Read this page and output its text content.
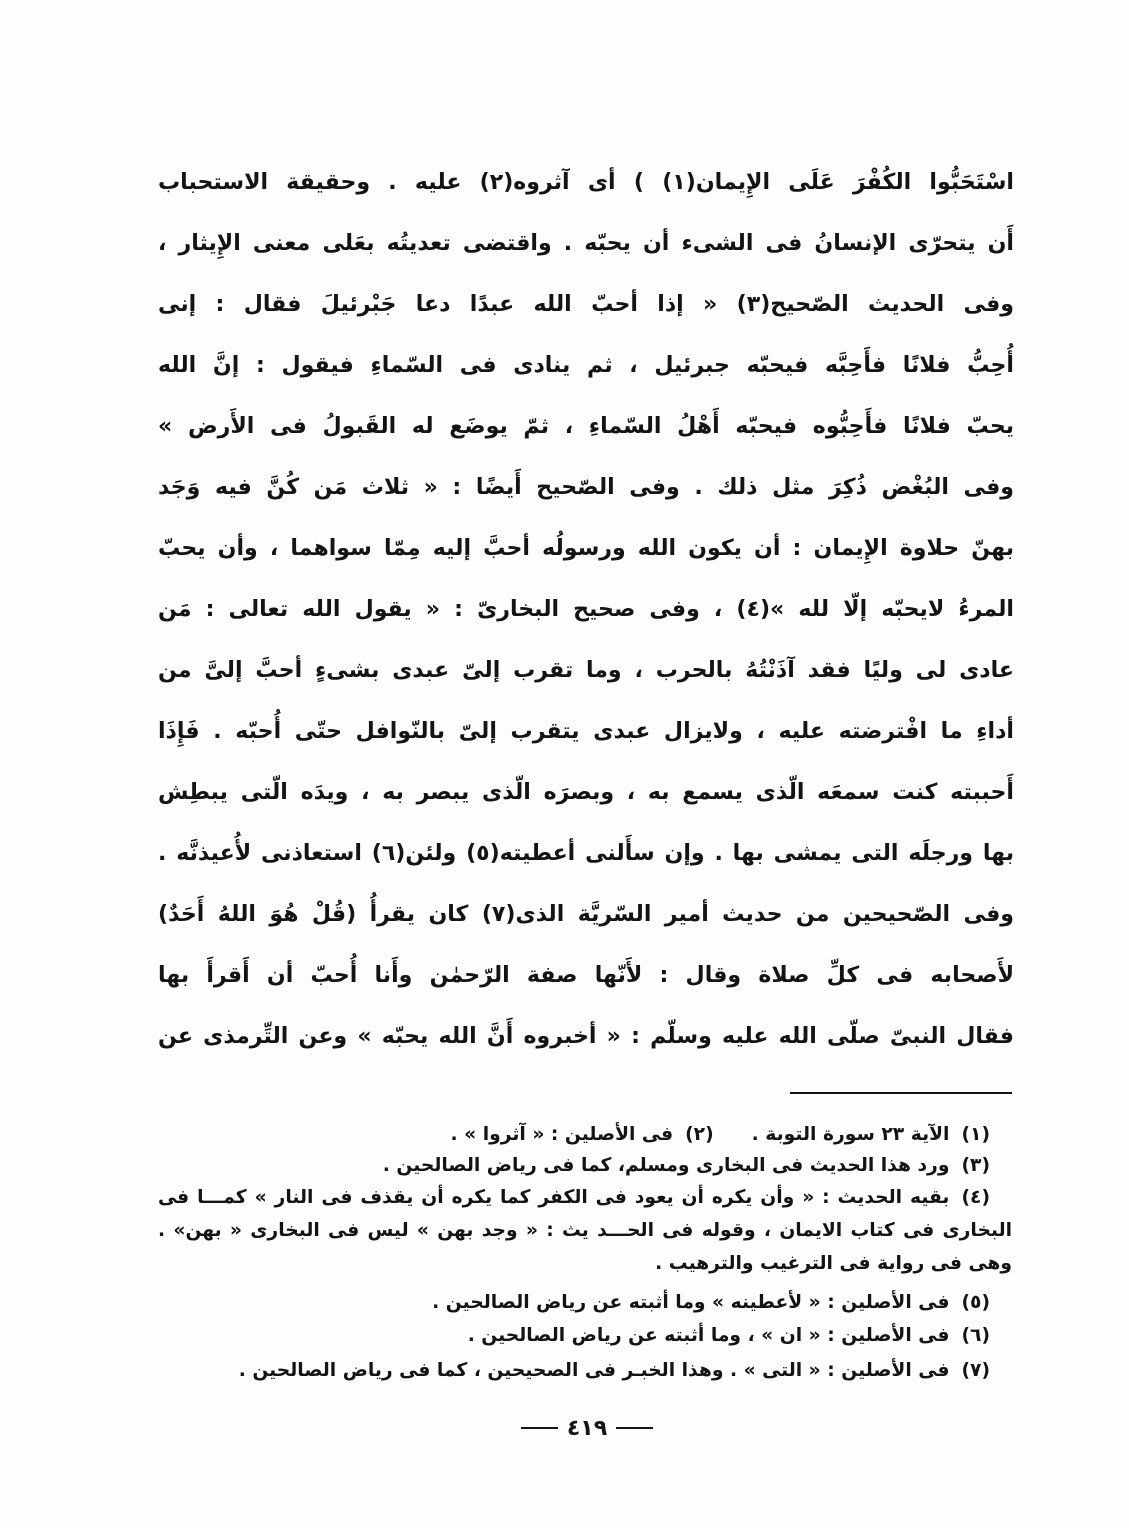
اسْتَحَبُّوا الكُفْرَ عَلَى الإِيمان(١) ) أى آثروه(٢) عليه . وحقيقة الاستحباب
أَن يتحرّى الإنسانُ فى الشىء أن يحبّه . واقتضى تعديتُه بعَلى معنى الإِيثار ،
وفى الحديث الصّحيح(٣) « إذا أحبّ الله عبدًا دعا جَبْرئيلَ فقال : إنى
أُحِبُّ فلانًا فأَحِبَّه فيحبّه جبرئيل ، ثم ينادى فى السّماءِ فيقول : إنَّ الله
يحبّ فلانًا فأَحِبُّوه فيحبّه أَهْلُ السّماءِ ، ثمّ يوضَع له القَبولُ فى الأَرض »
وفى البُغْض ذُكِرَ مثل ذلك . وفى الصّحيح أَيضًا : « ثلاث مَن كُنَّ فيه وَجَد
بهنّ حلاوة الإِيمان : أن يكون الله ورسولُه أحبَّ إليه مِمّا سواهما ، وأن يحبّ
المرءُ لايحبّه إلّا لله »(٤) ، وفى صحيح البخارىّ : « يقول الله تعالى : مَن
عادى لى وليًا فقد آذَنْتُهُ بالحرب ، وما تقرب إلىّ عبدى بشىءٍ أحبَّ إلىَّ من
أداءِ ما افْترضته عليه ، ولايزال عبدى يتقرب إلىّ بالنّوافل حتّى أُحبّه . فَإِذَا
أَحببته كنت سمعَه الّذى يسمع به ، وبصرَه الّذى يبصر به ، ويدَه الّتى يبطِش
بها ورجلَه التى يمشى بها . وإن سأَلنى أعطيته(٥) ولئن(٦) استعاذنى لأُعيذنَّه .
وفى الصّحيحين من حديث أمير السّريَّة الذى(٧) كان يقرأُ (قُلْ هُوَ اللهُ أَحَدٌ)
لأَصحابه فى كلِّ صلاة وقال : لأَنّها صفة الرّحمٰن وأَنا أُحبّ أن أَقرأَ بها
فقال النبىّ صلّى الله عليه وسلّم : « أخبروه أَنَّ الله يحبّه » وعن التِّرمذى عن
(١)الآية ٢٣ سورة التوبة .
(٢)فى الأصلين : « آثروا » .
(٣)ورد هذا الحديث فى البخارى ومسلم، كما فى رياض الصالحين .
(٤)بقيه الحديث : « وأن يكره أن يعود فى الكفر كما يكره أن يقذف فى النار » كمـــا فى
البخارى فى كتاب الايمان ، وقوله فى الحـــد يث : « وجد بهن » ليس فى البخارى « بهن» .
وهى فى رواية فى الترغيب والترهيب .
(٥)فى الأصلين : « لأعطينه » وما أثبته عن رياض الصالحين .
(٦)فى الأصلين : « ان » ، وما أثبته عن رياض الصالحين .
(٧)فى الأصلين : « التى » . وهذا الخبـر فى الصحيحين ، كما فى رياض الصالحين .
٤١٩
